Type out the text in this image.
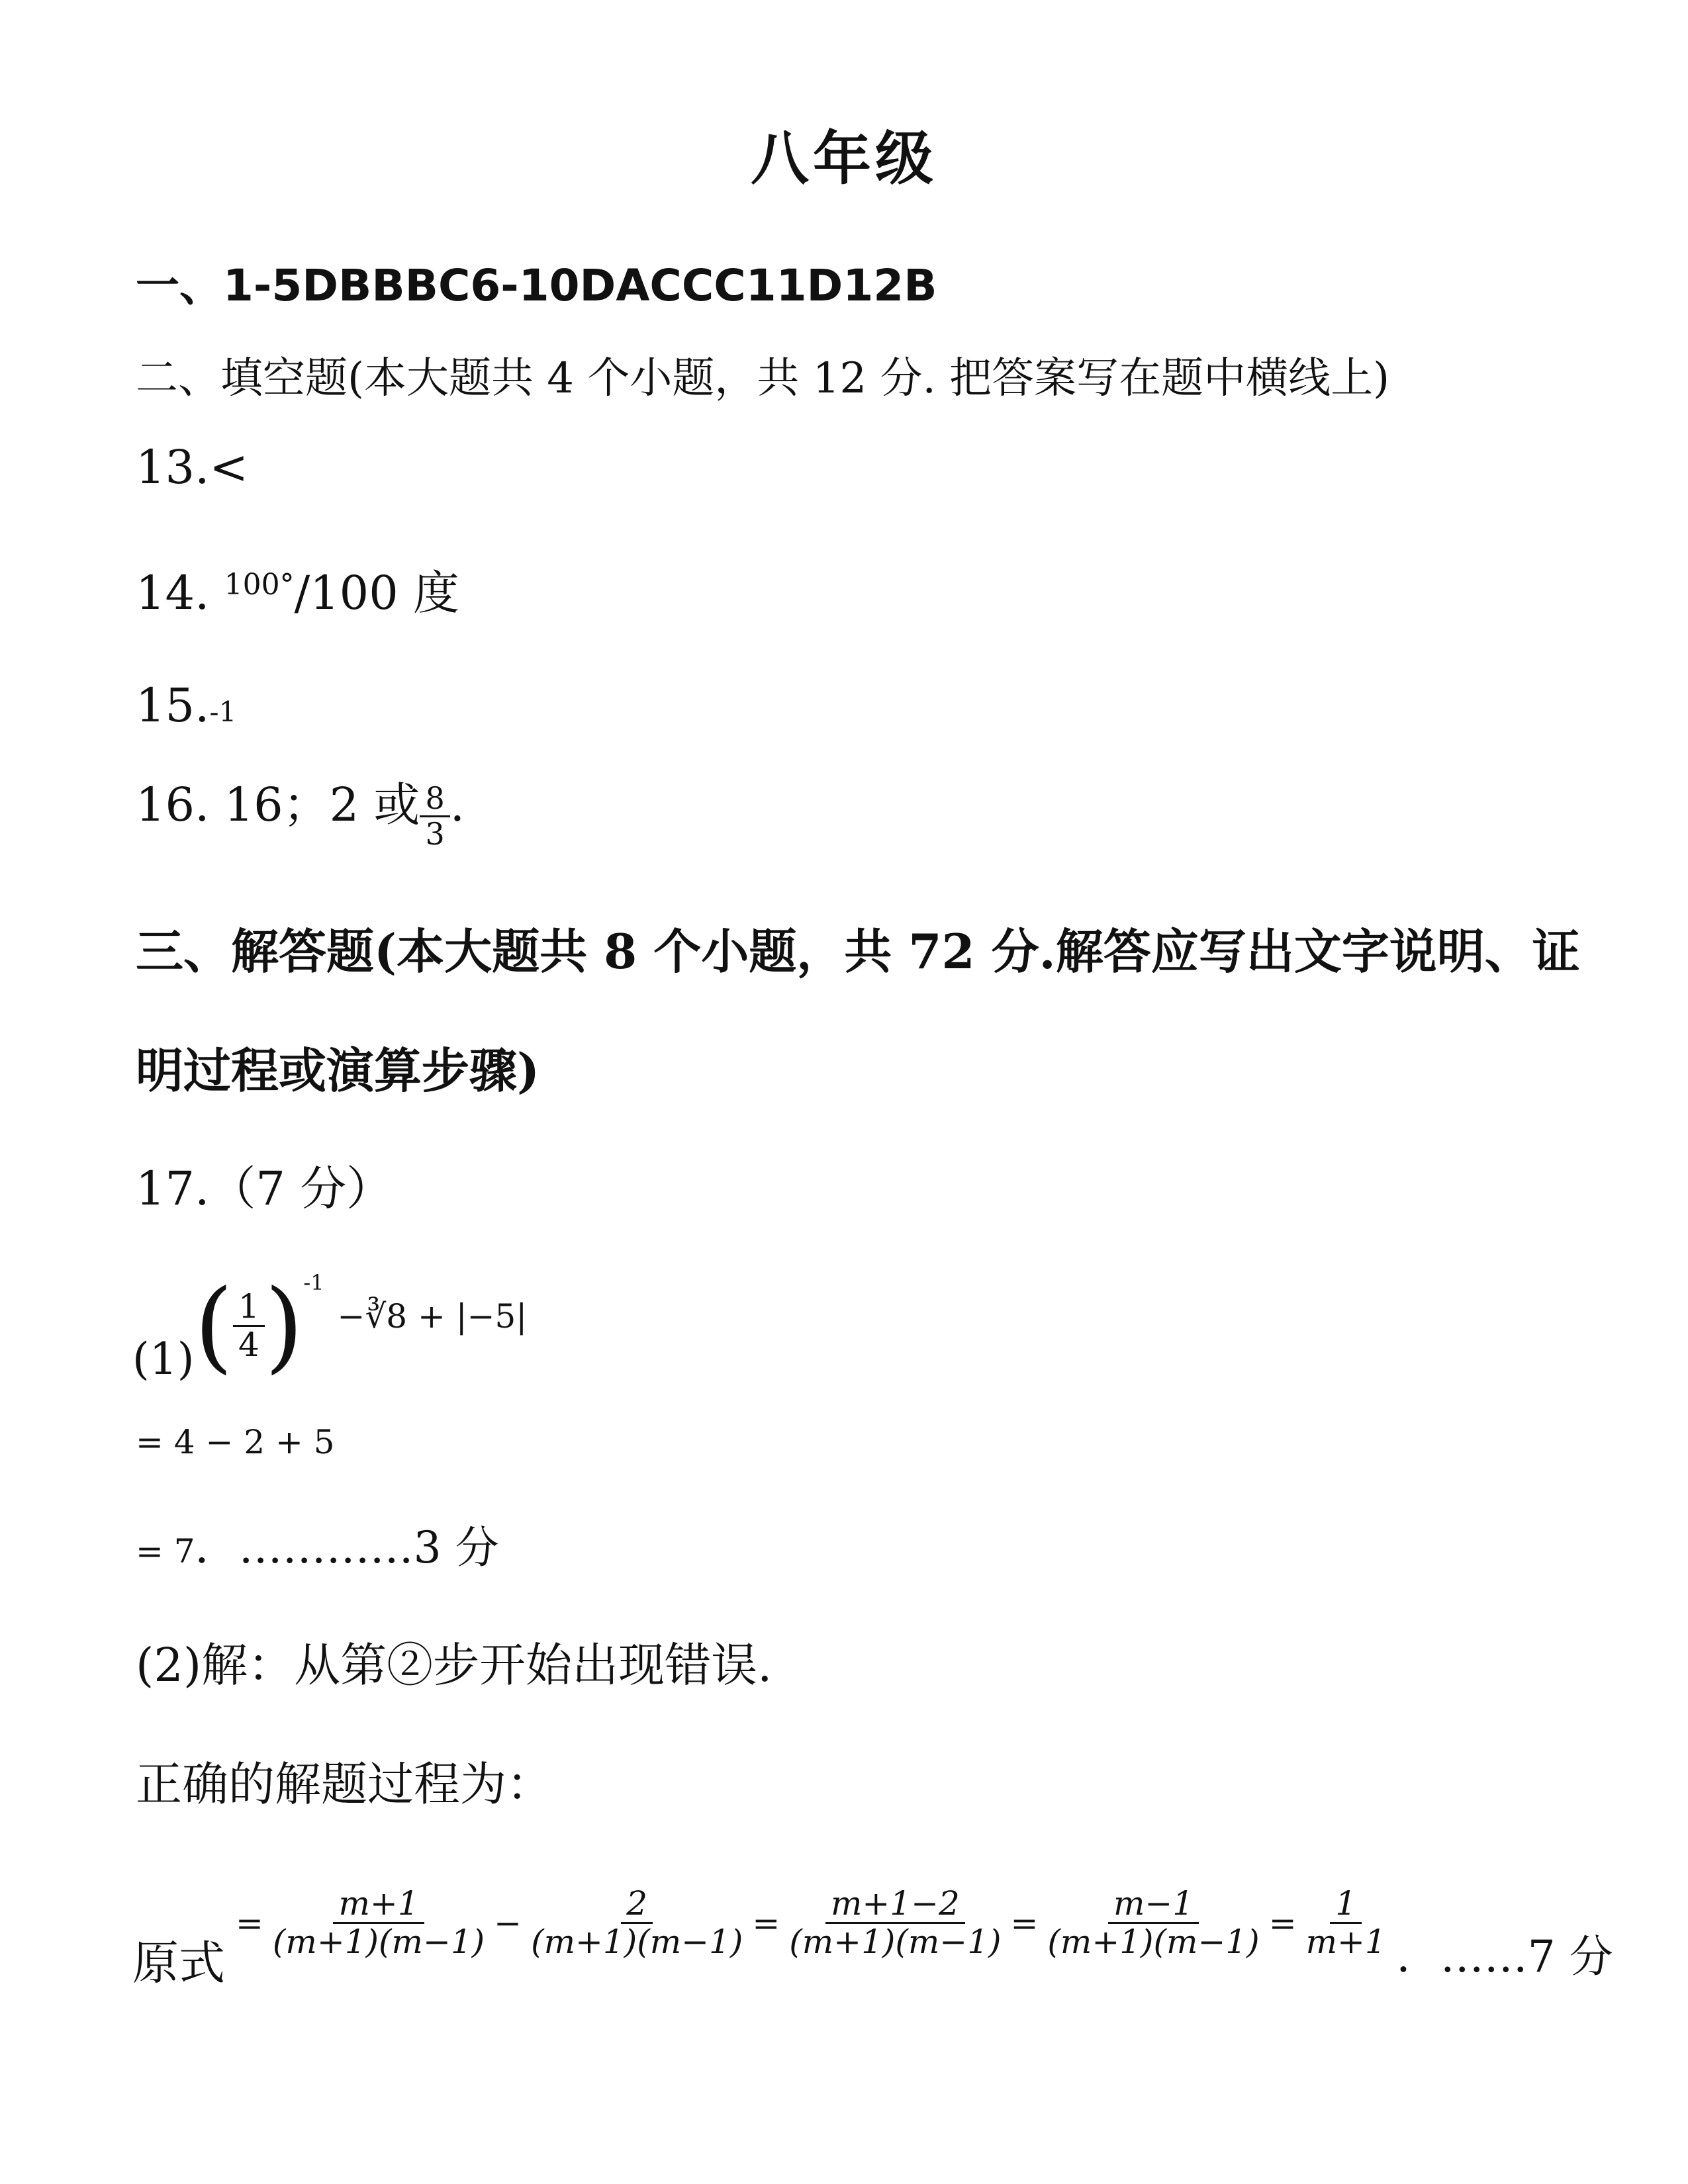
八年级
一、1-5DBBBC6-10DACCC11D12B
二、填空题(本大题共 4 个小题，共 12 分. 把答案写在题中横线上)
13.<
14. $^{100^\circ}$/100 度
15.-1
16. 16；2 或 $\frac{8}{3}$ .
三、解答题(本大题共 8 个小题，共 72 分.解答应写出文字说明、证
明过程或演算步骤)
17.（7 分）
(1) ( $\frac{1}{4}$ ) -1
−∛8 + |−5|
= 4 − 2 + 5
= 7．…………3 分
(2)解：从第②步开始出现错误.
正确的解题过程为：
原式
= $\frac{m+1}{(m+1)(m-1)} - \frac{2}{(m+1)(m-1)} = \frac{m+1-2}{(m+1)(m-1)} = \frac{m-1}{(m+1)(m-1)} = \frac{1}{m+1}$ ．……7 分
